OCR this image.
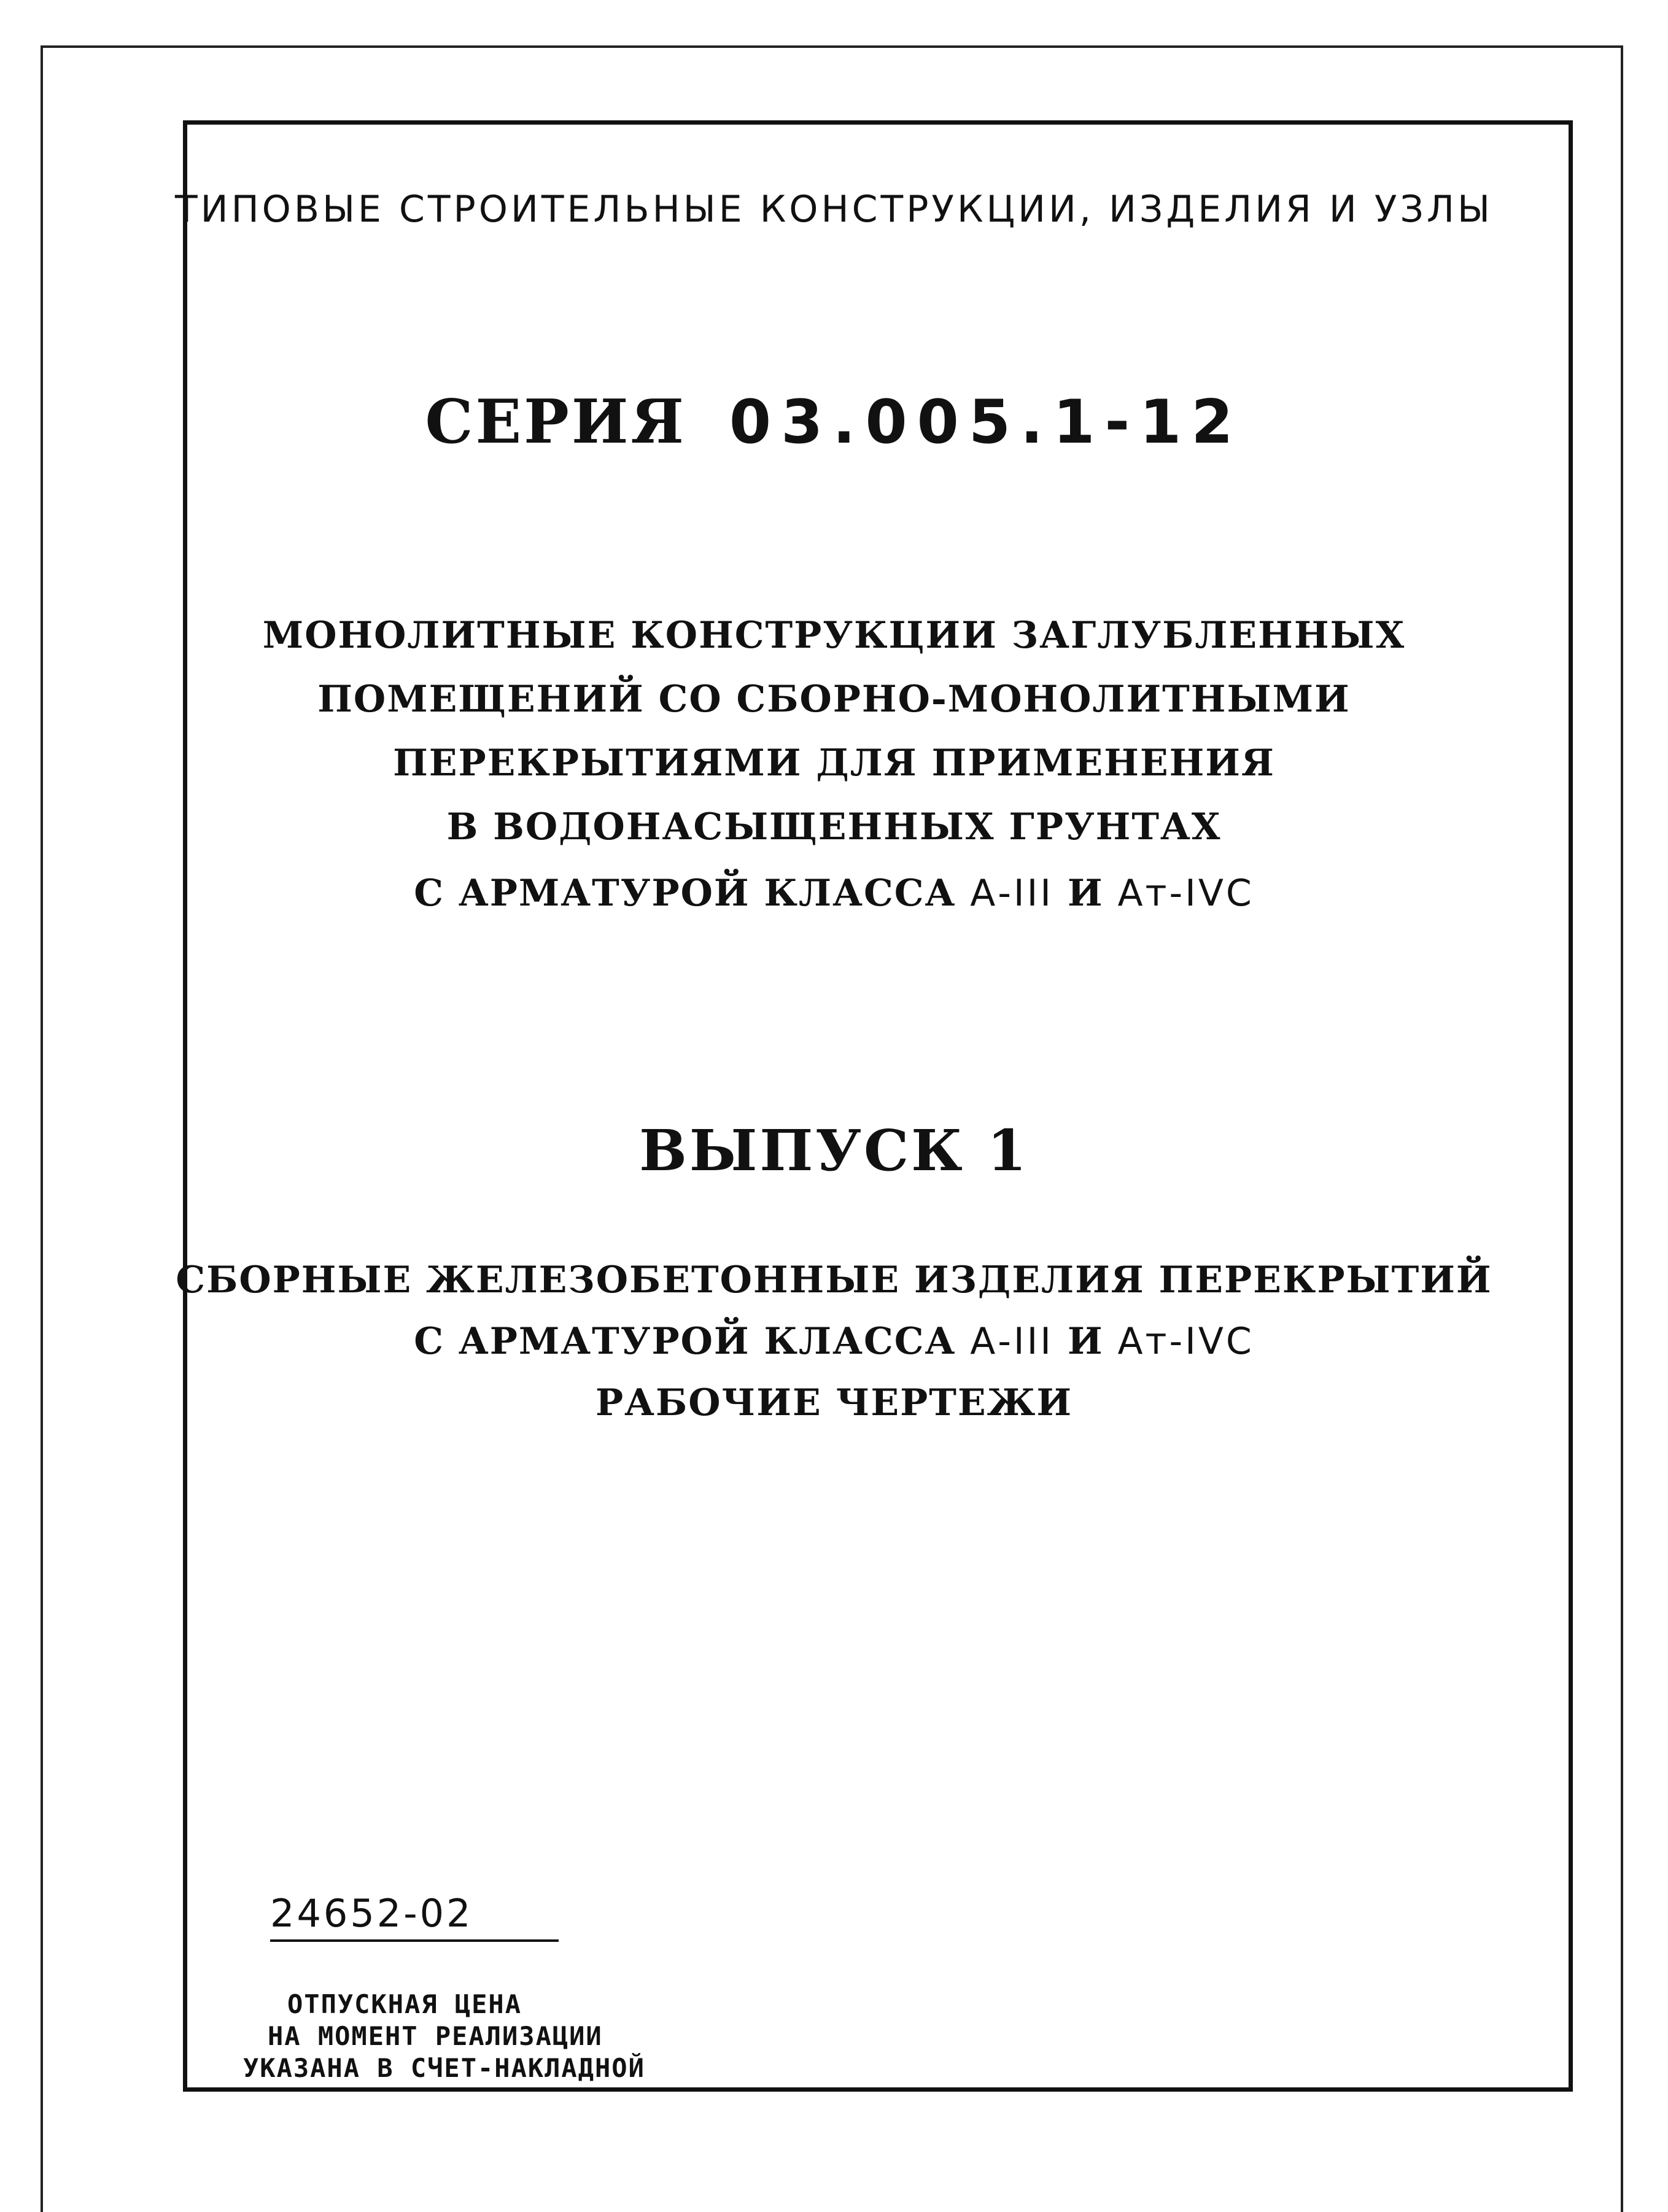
ТИПОВЫЕ СТРОИТЕЛЬНЫЕ КОНСТРУКЦИИ, ИЗДЕЛИЯ И УЗЛЫ
СЕРИЯ 03.005.1-12
МОНОЛИТНЫЕ КОНСТРУКЦИИ ЗАГЛУБЛЕННЫХ
ПОМЕЩЕНИЙ СО СБОРНО-МОНОЛИТНЫМИ
ПЕРЕКРЫТИЯМИ ДЛЯ ПРИМЕНЕНИЯ
В ВОДОНАСЫЩЕННЫХ ГРУНТАХ
С АРМАТУРОЙ КЛАССА А-III И Ат-IVС
ВЫПУСК 1
СБОРНЫЕ ЖЕЛЕЗОБЕТОННЫЕ ИЗДЕЛИЯ ПЕРЕКРЫТИЙ
С АРМАТУРОЙ КЛАССА А-III И Ат-IVС
РАБОЧИЕ ЧЕРТЕЖИ
24652-02
ОТПУСКНАЯ ЦЕНА
НА МОМЕНТ РЕАЛИЗАЦИИ
УКАЗАНА В СЧЕТ-НАКЛАДНОЙ
